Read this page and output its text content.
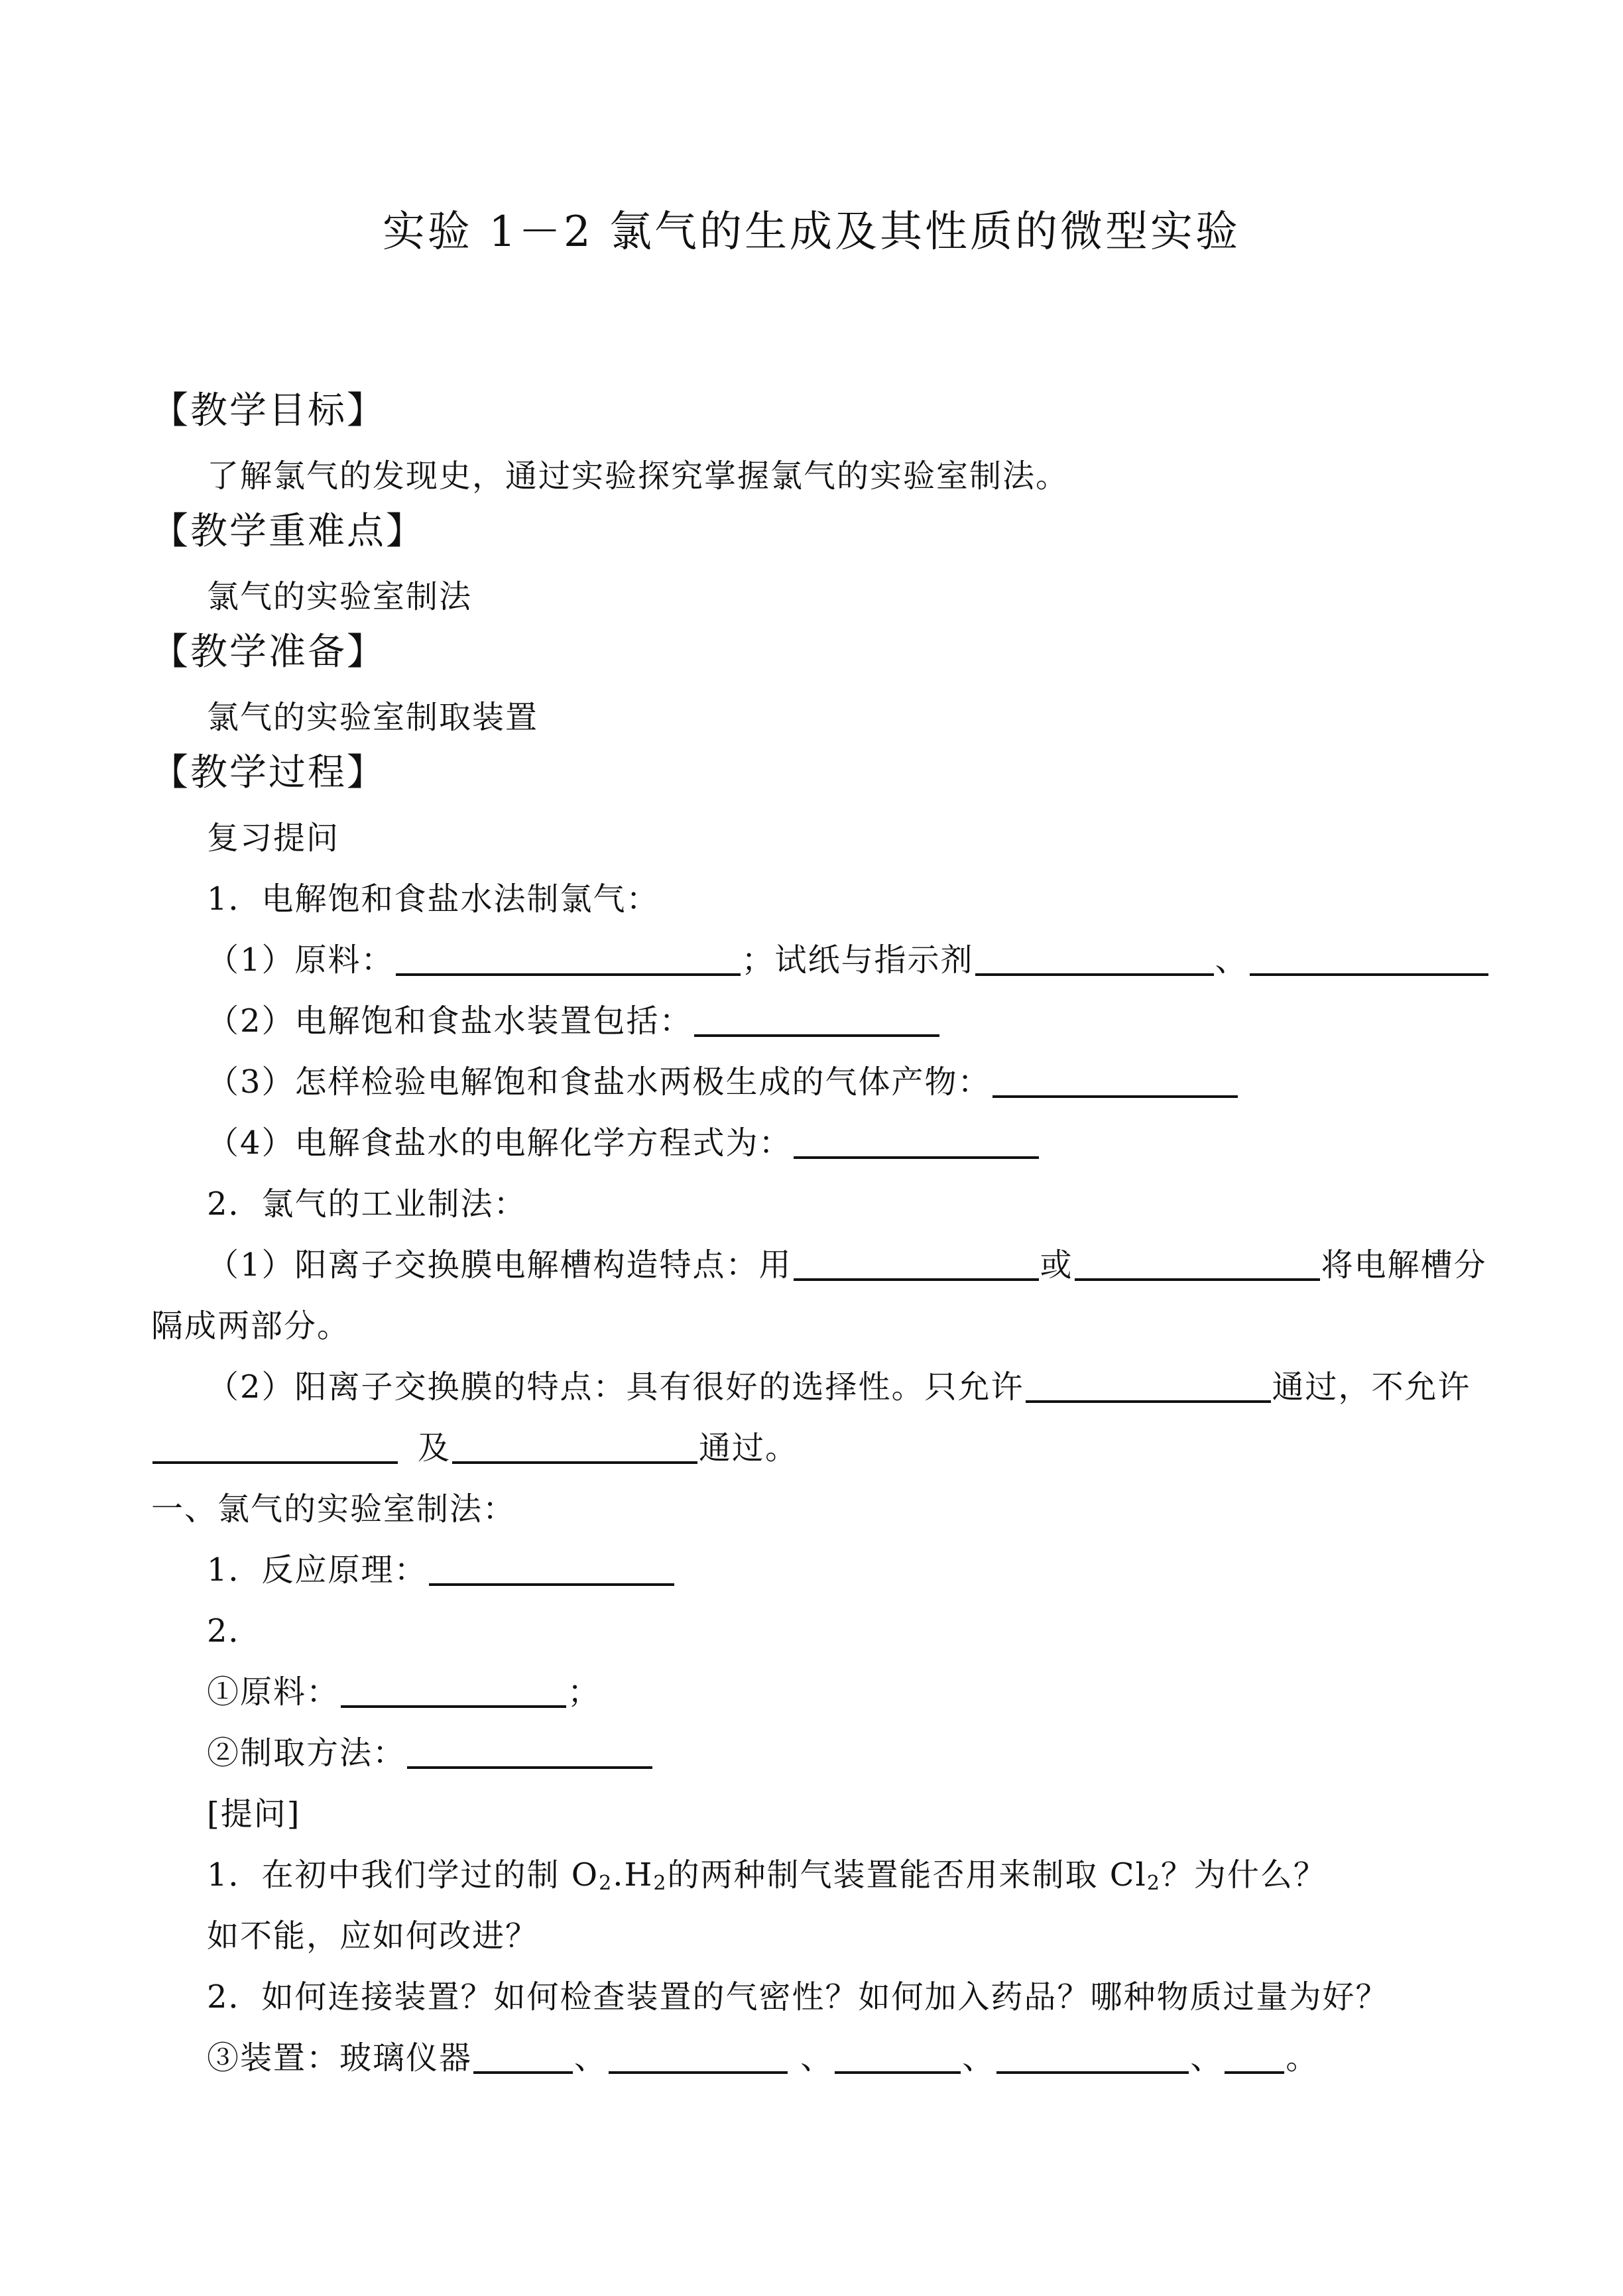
实验 1－2 氯气的生成及其性质的微型实验
【教学目标】
了解氯气的发现史，通过实验探究掌握氯气的实验室制法。
【教学重难点】
氯气的实验室制法
【教学准备】
氯气的实验室制取装置
【教学过程】
复习提问
1．电解饱和食盐水法制氯气：
（1）原料：	；试纸与指示剂	、
（2）电解饱和食盐水装置包括：
（3）怎样检验电解饱和食盐水两极生成的气体产物：
（4）电解食盐水的电解化学方程式为：
2．氯气的工业制法：
（1）阳离子交换膜电解槽构造特点：用	或	将电解槽分
隔成两部分。
（2）阳离子交换膜的特点：具有很好的选择性。只允许	通过，不允许
及	通过。
一、氯气的实验室制法：
1．反应原理：
2．
①原料：	；
②制取方法：
[提问]
1．在初中我们学过的制 $O_2.H_2$的两种制气装置能否用来制取 $Cl_2$？为什么？
如不能，应如何改进？
2．如何连接装置？如何检查装置的气密性？如何加入药品？哪种物质过量为好？
③装置：玻璃仪器	、	、	、	、 。
